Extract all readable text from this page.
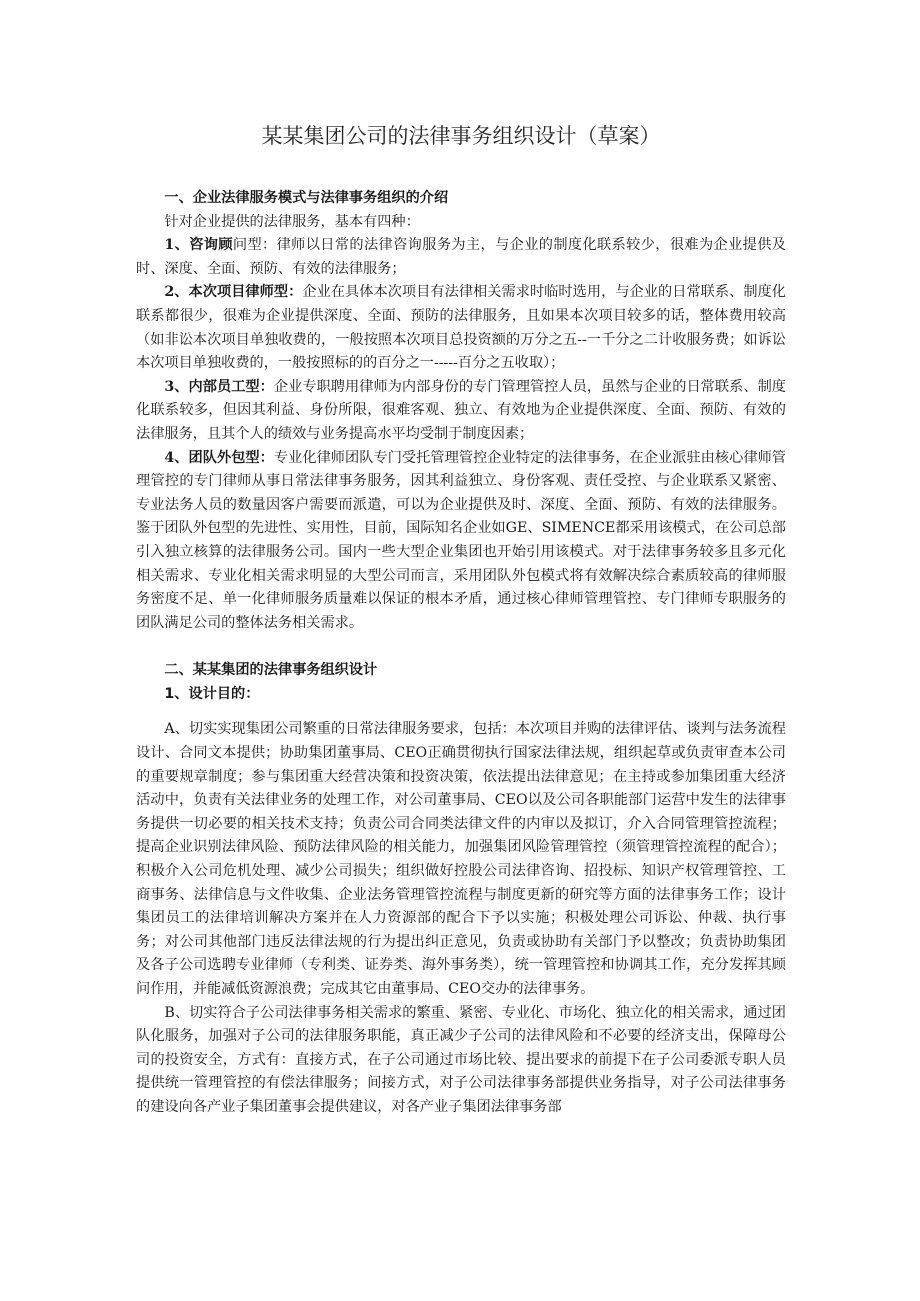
某某集团公司的法律事务组织设计（草案）

一、企业法律服务模式与法律事务组织的介绍

针对企业提供的法律服务，基本有四种：

1、咨询顾问型：律师以日常的法律咨询服务为主，与企业的制度化联系较少，很难为企业提供及时、深度、全面、预防、有效的法律服务；

2、本次项目律师型：企业在具体本次项目有法律相关需求时临时选用，与企业的日常联系、制度化联系都很少，很难为企业提供深度、全面、预防的法律服务，且如果本次项目较多的话，整体费用较高（如非讼本次项目单独收费的，一般按照本次项目总投资额的万分之五--一千分之二计收服务费；如诉讼本次项目单独收费的，一般按照标的的百分之一-----百分之五收取）；

3、内部员工型：企业专职聘用律师为内部身份的专门管理管控人员，虽然与企业的日常联系、制度化联系较多，但因其利益、身份所限，很难客观、独立、有效地为企业提供深度、全面、预防、有效的法律服务，且其个人的绩效与业务提高水平均受制于制度因素；

4、团队外包型：专业化律师团队专门受托管理管控企业特定的法律事务，在企业派驻由核心律师管理管控的专门律师从事日常法律事务服务，因其利益独立、身份客观、责任受控、与企业联系又紧密、专业法务人员的数量因客户需要而派遣，可以为企业提供及时、深度、全面、预防、有效的法律服务。鉴于团队外包型的先进性、实用性，目前，国际知名企业如GE、SIMENCE都采用该模式，在公司总部引入独立核算的法律服务公司。国内一些大型企业集团也开始引用该模式。对于法律事务较多且多元化相关需求、专业化相关需求明显的大型公司而言，采用团队外包模式将有效解决综合素质较高的律师服务密度不足、单一化律师服务质量难以保证的根本矛盾，通过核心律师管理管控、专门律师专职服务的团队满足公司的整体法务相关需求。

二、某某集团的法律事务组织设计

1、设计目的：

A、切实实现集团公司繁重的日常法律服务要求，包括：本次项目并购的法律评估、谈判与法务流程设计、合同文本提供；协助集团董事局、CEO正确贯彻执行国家法律法规，组织起草或负责审查本公司的重要规章制度；参与集团重大经营决策和投资决策，依法提出法律意见；在主持或参加集团重大经济活动中，负责有关法律业务的处理工作，对公司董事局、CEO以及公司各职能部门运营中发生的法律事务提供一切必要的相关技术支持；负责公司合同类法律文件的内审以及拟订，介入合同管理管控流程；提高企业识别法律风险、预防法律风险的相关能力，加强集团风险管理管控（须管理管控流程的配合）；积极介入公司危机处理、减少公司损失；组织做好控股公司法律咨询、招投标、知识产权管理管控、工商事务、法律信息与文件收集、企业法务管理管控流程与制度更新的研究等方面的法律事务工作；设计集团员工的法律培训解决方案并在人力资源部的配合下予以实施；积极处理公司诉讼、仲裁、执行事务；对公司其他部门违反法律法规的行为提出纠正意见，负责或协助有关部门予以整改；负责协助集团及各子公司选聘专业律师（专利类、证券类、海外事务类），统一管理管控和协调其工作，充分发挥其顾问作用，并能减低资源浪费；完成其它由董事局、CEO交办的法律事务。

B、切实符合子公司法律事务相关需求的繁重、紧密、专业化、市场化、独立化的相关需求，通过团队化服务，加强对子公司的法律服务职能，真正减少子公司的法律风险和不必要的经济支出，保障母公司的投资安全，方式有：直接方式，在子公司通过市场比较、提出要求的前提下在子公司委派专职人员提供统一管理管控的有偿法律服务；间接方式，对子公司法律事务部提供业务指导，对子公司法律事务的建设向各产业子集团董事会提供建议，对各产业子集团法律事务部
